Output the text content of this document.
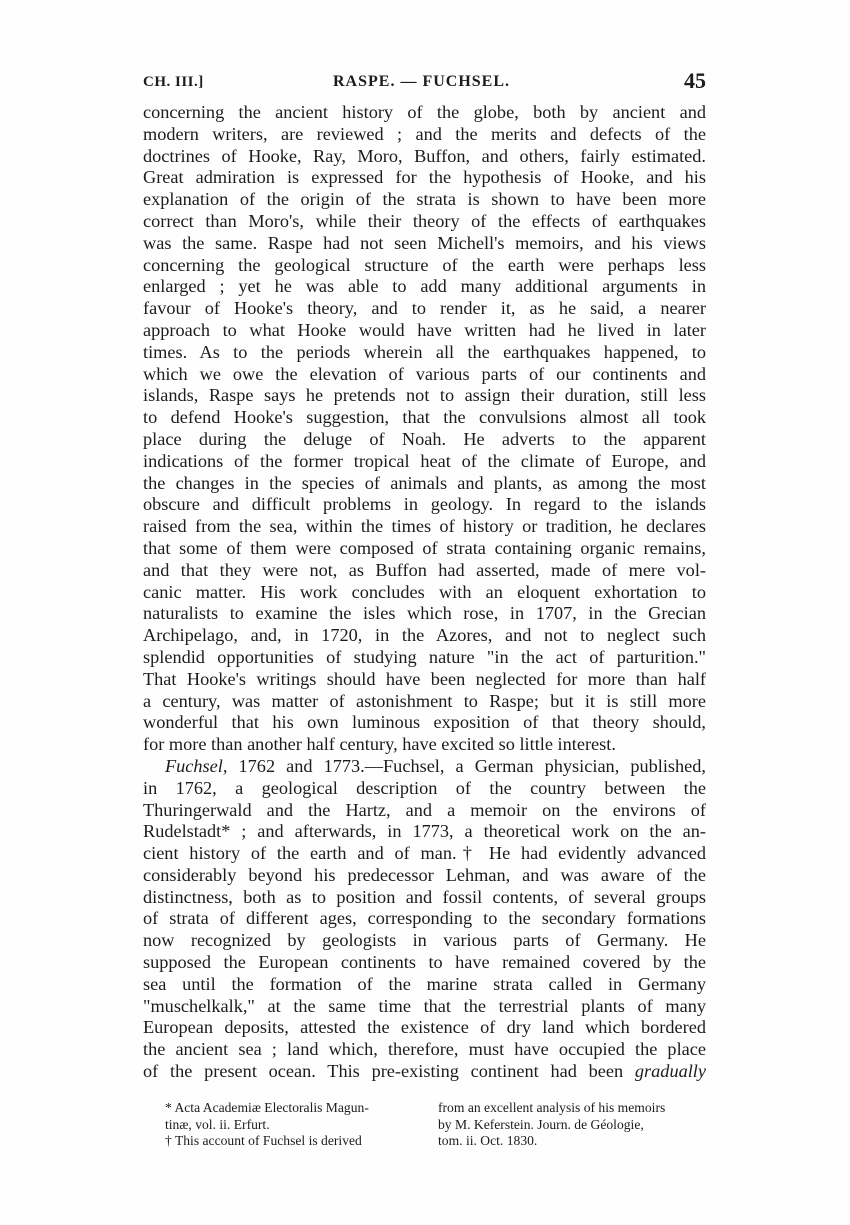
CH. III.]	RASPE. — FUCHSEL.	45
concerning the ancient history of the globe, both by ancient and
modern writers, are reviewed ; and the merits and defects of the
doctrines of Hooke, Ray, Moro, Buffon, and others, fairly estimated.
Great admiration is expressed for the hypothesis of Hooke, and his
explanation of the origin of the strata is shown to have been more
correct than Moro's, while their theory of the effects of earthquakes
was the same. Raspe had not seen Michell's memoirs, and his views
concerning the geological structure of the earth were perhaps less
enlarged ; yet he was able to add many additional arguments in
favour of Hooke's theory, and to render it, as he said, a nearer
approach to what Hooke would have written had he lived in later
times. As to the periods wherein all the earthquakes happened, to
which we owe the elevation of various parts of our continents and
islands, Raspe says he pretends not to assign their duration, still less
to defend Hooke's suggestion, that the convulsions almost all took
place during the deluge of Noah. He adverts to the apparent
indications of the former tropical heat of the climate of Europe, and
the changes in the species of animals and plants, as among the most
obscure and difficult problems in geology. In regard to the islands
raised from the sea, within the times of history or tradition, he declares
that some of them were composed of strata containing organic remains,
and that they were not, as Buffon had asserted, made of mere vol-
canic matter. His work concludes with an eloquent exhortation to
naturalists to examine the isles which rose, in 1707, in the Grecian
Archipelago, and, in 1720, in the Azores, and not to neglect such
splendid opportunities of studying nature "in the act of parturition."
That Hooke's writings should have been neglected for more than half
a century, was matter of astonishment to Raspe; but it is still more
wonderful that his own luminous exposition of that theory should,
for more than another half century, have excited so little interest.
Fuchsel, 1762 and 1773.—Fuchsel, a German physician, published,
in 1762, a geological description of the country between the
Thuringerwald and the Hartz, and a memoir on the environs of
Rudelstadt* ; and afterwards, in 1773, a theoretical work on the an-
cient history of the earth and of man.† He had evidently advanced
considerably beyond his predecessor Lehman, and was aware of the
distinctness, both as to position and fossil contents, of several groups
of strata of different ages, corresponding to the secondary formations
now recognized by geologists in various parts of Germany. He
supposed the European continents to have remained covered by the
sea until the formation of the marine strata called in Germany
"muschelkalk," at the same time that the terrestrial plants of many
European deposits, attested the existence of dry land which bordered
the ancient sea ; land which, therefore, must have occupied the place
of the present ocean. This pre-existing continent had been gradually
* Acta Academiæ Electoralis Magun-
tinæ, vol. ii. Erfurt.
† This account of Fuchsel is derived
from an excellent analysis of his memoirs
by M. Keferstein. Journ. de Géologie,
tom. ii. Oct. 1830.
